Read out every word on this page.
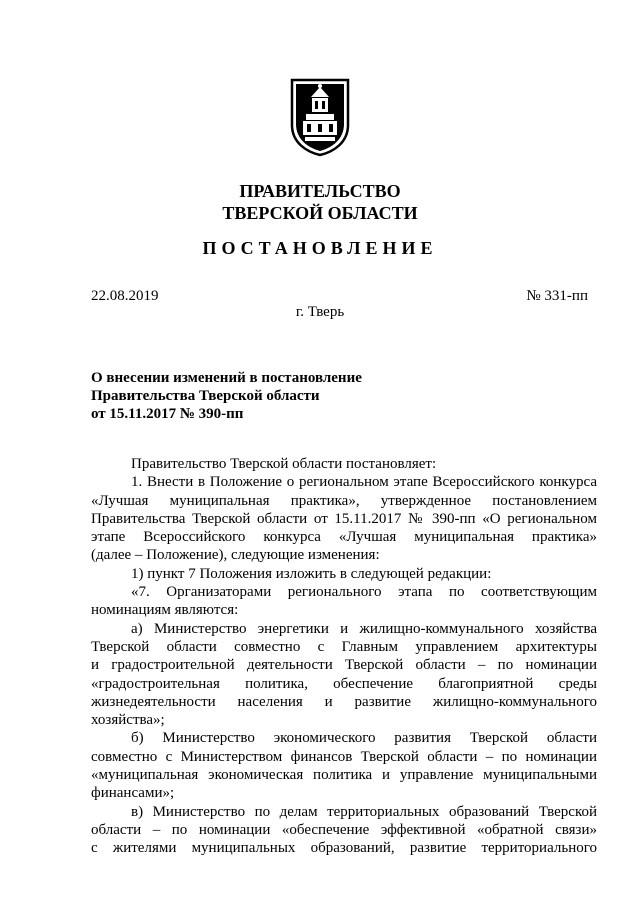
ПРАВИТЕЛЬСТВО
ТВЕРСКОЙ ОБЛАСТИ
ПОСТАНОВЛЕНИЕ
22.08.2019	№ 331-пп
г. Тверь
О внесении изменений в постановление
Правительства Тверской области
от 15.11.2017 № 390-пп

Правительство Тверской области постановляет:

1. Внести в Положение о региональном этапе Всероссийского конкурса
«Лучшая муниципальная практика», утвержденное постановлением
Правительства Тверской области от 15.11.2017 № 390-пп «О региональном
этапе Всероссийского конкурса «Лучшая муниципальная практика»
(далее – Положение), следующие изменения:

1) пункт 7 Положения изложить в следующей редакции:

«7. Организаторами регионального этапа по соответствующим
номинациям являются:

а) Министерство энергетики и жилищно-коммунального хозяйства
Тверской области совместно с Главным управлением архитектуры
и градостроительной деятельности Тверской области – по номинации
«градостроительная политика, обеспечение благоприятной среды
жизнедеятельности населения и развитие жилищно-коммунального
хозяйства»;

б) Министерство экономического развития Тверской области
совместно с Министерством финансов Тверской области – по номинации
«муниципальная экономическая политика и управление муниципальными
финансами»;

в) Министерство по делам территориальных образований Тверской
области – по номинации «обеспечение эффективной «обратной связи»
с жителями муниципальных образований, развитие территориального
